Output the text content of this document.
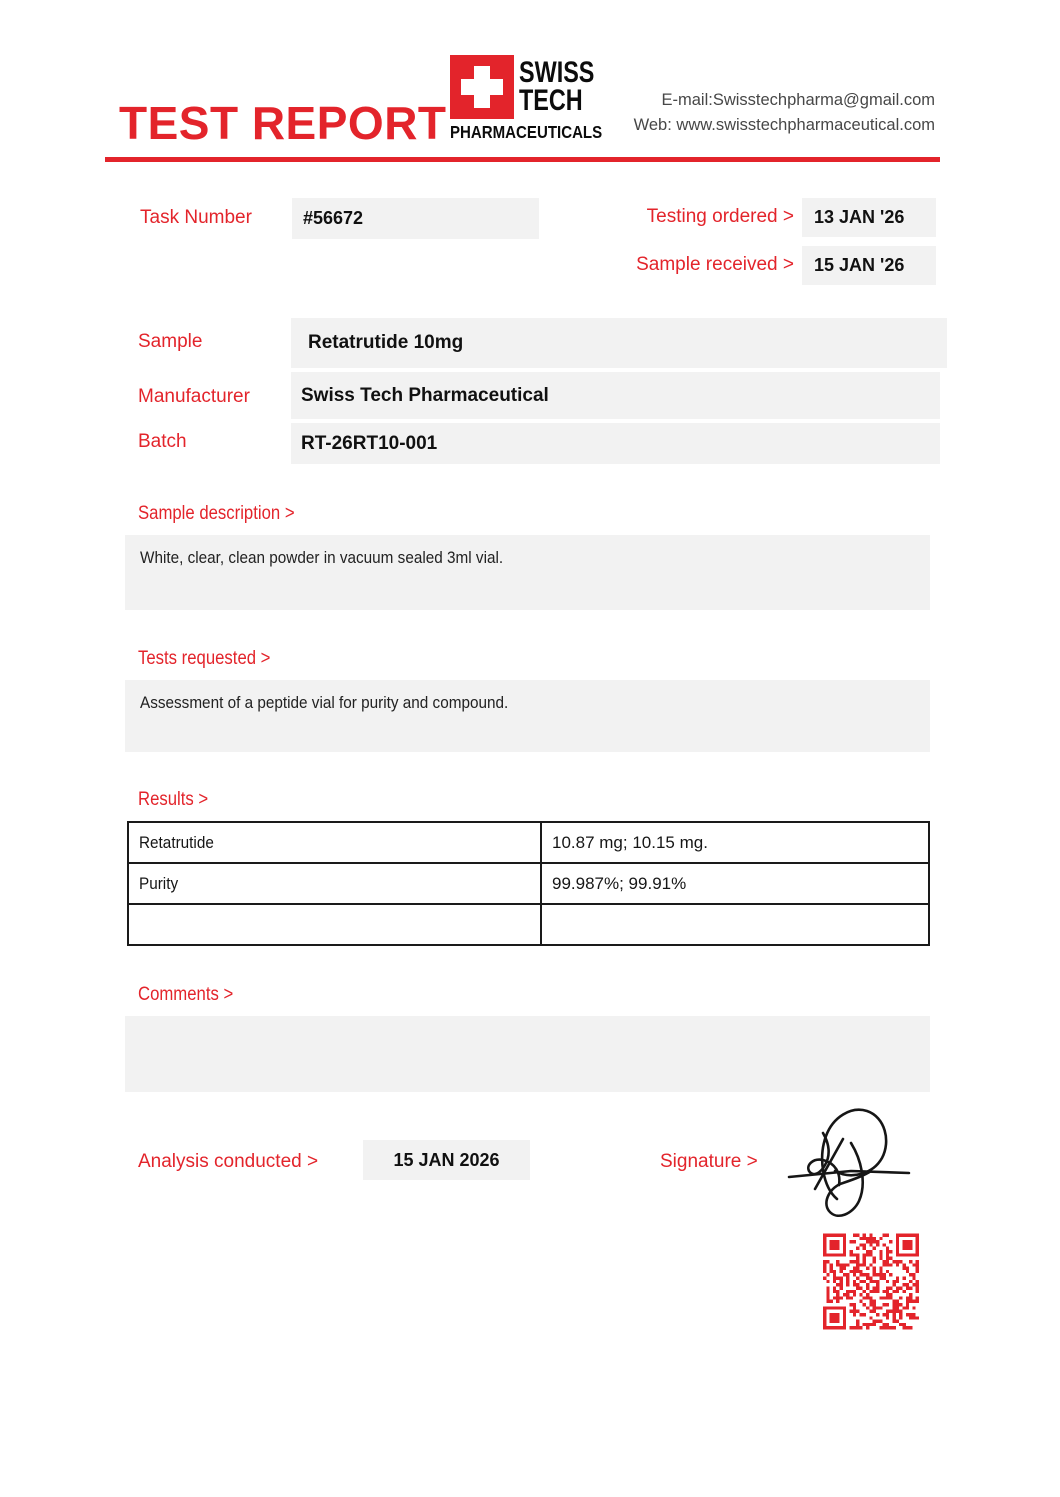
TEST REPORT
SWISS
TECH
PHARMACEUTICALS
E-mail:Swisstechpharma@gmail.com
Web: www.swisstechpharmaceutical.com
Task Number	#56672	Testing ordered >	13 JAN '26
Sample received >	15 JAN '26
Sample	Retatrutide 10mg
Manufacturer	Swiss Tech Pharmaceutical
Batch	RT-26RT10-001
Sample description >
White, clear, clean powder in vacuum sealed 3ml vial.
Tests requested >
Assessment of a peptide vial for purity and compound.
Results >
Retatrutide	10.87 mg; 10.15 mg.
Purity	99.987%; 99.91%

Comments >
Analysis conducted >	15 JAN 2026	Signature >
